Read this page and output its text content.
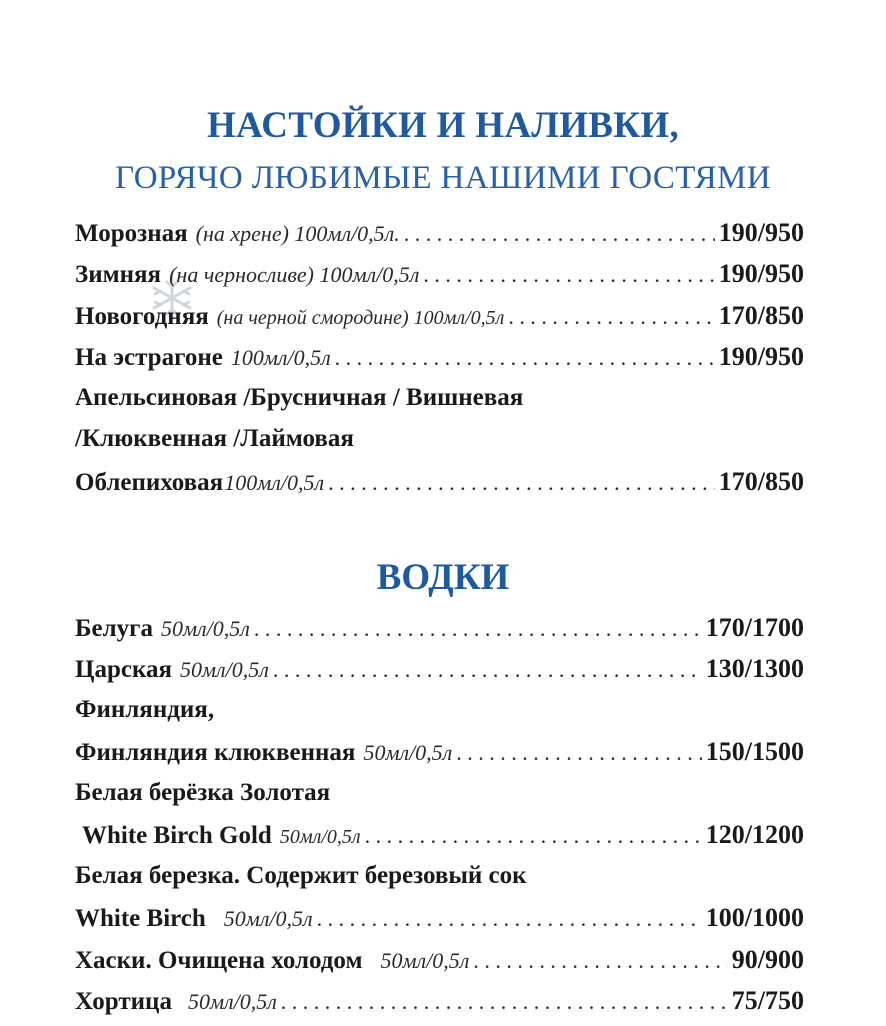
НАСТОЙКИ И НАЛИВКИ,
ГОРЯЧО ЛЮБИМЫЕ НАШИМИ ГОСТЯМИ
Морозная (на хрене) 100мл/0,5л. . . .	190/950
Зимняя (на черносливе) 100мл/0,5л . . .	190/950
Новогодняя (на черной смородине) 100мл/0,5л . . .	170/850
На эстрагоне 100мл/0,5л . . .	190/950
Апельсиновая /Брусничная / Вишневая
/Клюквенная /Лаймовая
Облепиховая 100мл/0,5л . . .	170/850
ВОДКИ
Белуга 50мл/0,5л . . .	170/1700
Царская 50мл/0,5л . . .	130/1300
Финляндия,
Финляндия клюквенная 50мл/0,5л . . .	150/1500
Белая берёзка Золотая
White Birch Gold 50мл/0,5л . . .	120/1200
Белая березка. Содержит березовый сок
White Birch 50мл/0,5л . . .	100/1000
Хаски. Очищена холодом 50мл/0,5л . . .	90/900
Хортица 50мл/0,5л . . .	75/750
